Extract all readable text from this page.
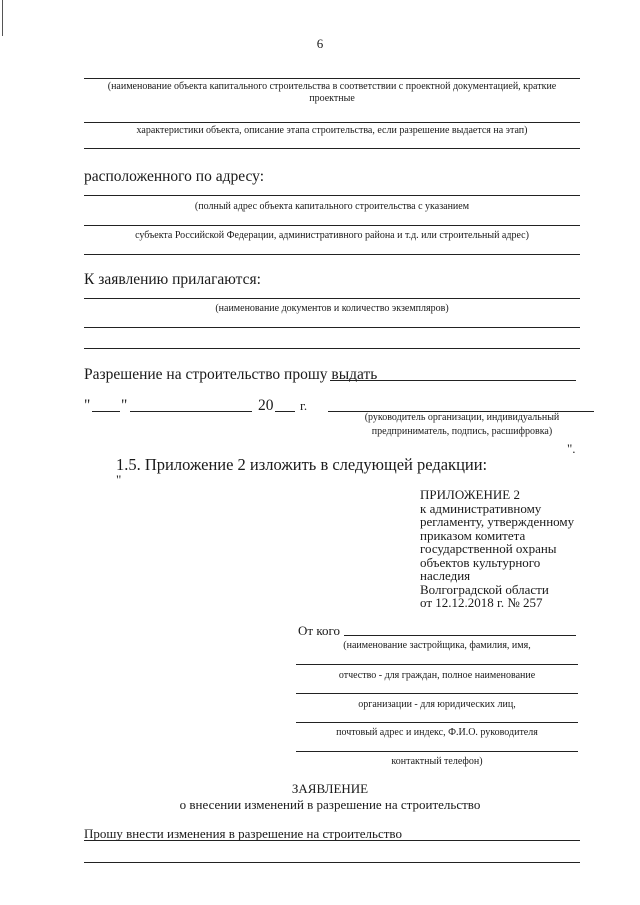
6
(наименование объекта капитального строительства в соответствии с проектной документацией, краткие проектные
характеристики объекта, описание этапа строительства, если разрешение выдается на этап)
расположенного по адресу:
(полный адрес объекта капитального строительства с указанием
субъекта Российской Федерации, административного района и т.д. или строительный адрес)
К заявлению прилагаются:
(наименование документов и количество экземпляров)
Разрешение на строительство прошу выдать
" "	20 г.
(руководитель организации, индивидуальный
предприниматель, подпись, расшифровка)
".
1.5. Приложение 2 изложить в следующей редакции:
"
ПРИЛОЖЕНИЕ 2
к административному
регламенту, утвержденному
приказом комитета
государственной охраны
объектов культурного
наследия
Волгоградской области
от 12.12.2018 г. № 257
От кого
(наименование застройщика, фамилия, имя,
отчество - для граждан, полное наименование
организации - для юридических лиц,
почтовый адрес и индекс, Ф.И.О. руководителя
контактный телефон)
ЗАЯВЛЕНИЕ
о внесении изменений в разрешение на строительство
Прошу внести изменения в разрешение на строительство
